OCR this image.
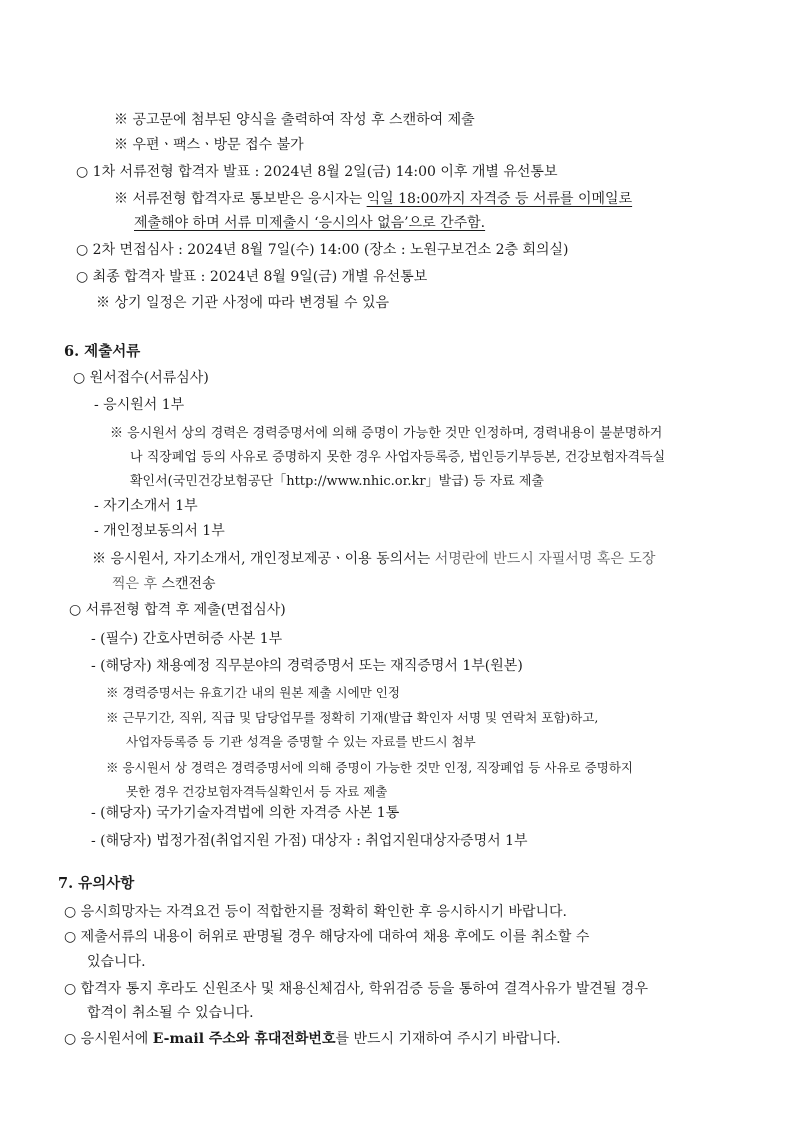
※ 공고문에 첨부된 양식을 출력하여 작성 후 스캔하여 제출
※ 우편ㆍ팩스ㆍ방문 접수 불가
○ 1차 서류전형 합격자 발표 : 2024년 8월 2일(금) 14:00 이후 개별 유선통보
※ 서류전형 합격자로 통보받은 응시자는 익일 18:00까지 자격증 등 서류를 이메일로
제출해야 하며 서류 미제출시 ‘응시의사 없음’으로 간주함.
○ 2차 면접심사 : 2024년 8월 7일(수) 14:00 (장소 : 노원구보건소 2층 회의실)
○ 최종 합격자 발표 : 2024년 8월 9일(금) 개별 유선통보
※ 상기 일정은 기관 사정에 따라 변경될 수 있음
6. 제출서류
○ 원서접수(서류심사)
- 응시원서 1부
※ 응시원서 상의 경력은 경력증명서에 의해 증명이 가능한 것만 인정하며, 경력내용이 불분명하거
나 직장폐업 등의 사유로 증명하지 못한 경우 사업자등록증, 법인등기부등본, 건강보험자격득실
확인서(국민건강보험공단「http://www.nhic.or.kr」발급) 등 자료 제출
- 자기소개서 1부
- 개인정보동의서 1부
※ 응시원서, 자기소개서, 개인정보제공ㆍ이용 동의서는 서명란에 반드시 자필서명 혹은 도장
찍은 후 스캔전송
○ 서류전형 합격 후 제출(면접심사)
- (필수) 간호사면허증 사본 1부
- (해당자) 채용예정 직무분야의 경력증명서 또는 재직증명서 1부(원본)
※ 경력증명서는 유효기간 내의 원본 제출 시에만 인정
※ 근무기간, 직위, 직급 및 담당업무를 정확히 기재(발급 확인자 서명 및 연락처 포함)하고,
사업자등록증 등 기관 성격을 증명할 수 있는 자료를 반드시 첨부
※ 응시원서 상 경력은 경력증명서에 의해 증명이 가능한 것만 인정, 직장폐업 등 사유로 증명하지
못한 경우 건강보험자격득실확인서 등 자료 제출
- (해당자) 국가기술자격법에 의한 자격증 사본 1통
- (해당자) 법정가점(취업지원 가점) 대상자 : 취업지원대상자증명서 1부
7. 유의사항
○ 응시희망자는 자격요건 등이 적합한지를 정확히 확인한 후 응시하시기 바랍니다.
○ 제출서류의 내용이 허위로 판명될 경우 해당자에 대하여 채용 후에도 이를 취소할 수
있습니다.
○ 합격자 통지 후라도 신원조사 및 채용신체검사, 학위검증 등을 통하여 결격사유가 발견될 경우
합격이 취소될 수 있습니다.
○ 응시원서에 E-mail 주소와 휴대전화번호를 반드시 기재하여 주시기 바랍니다.
